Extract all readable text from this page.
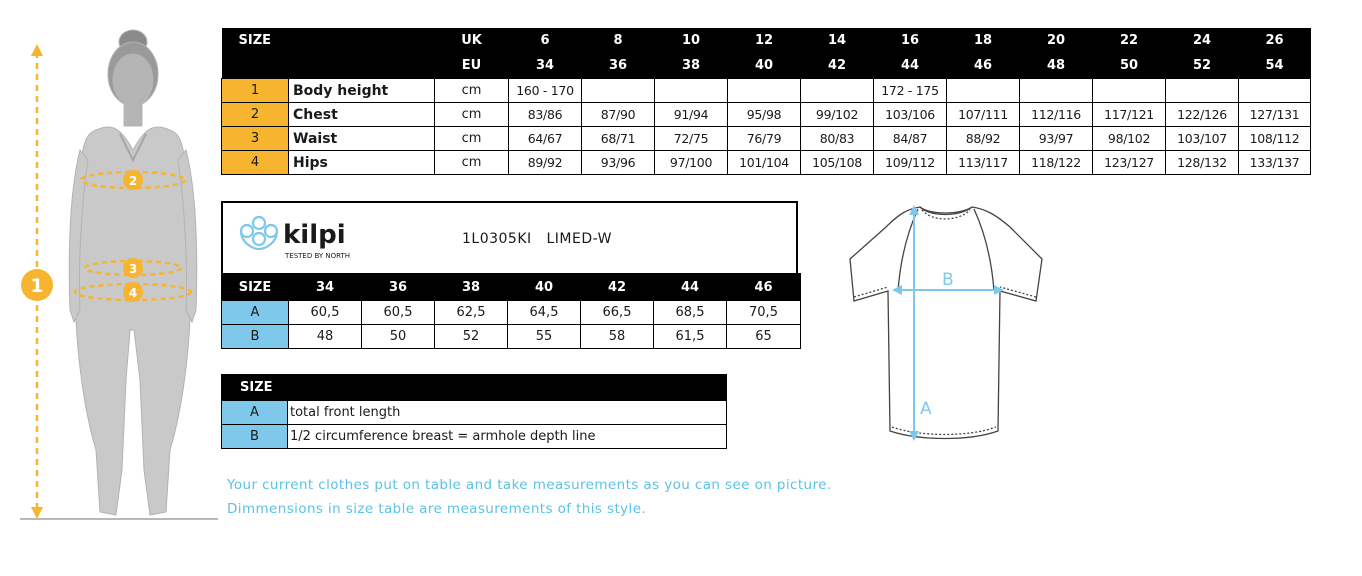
1
2
3
4
SIZE			UK	6	8	10	12	14	16	18	20	22	24	26
			EU	34	36	38	40	42	44	46	48	50	52	54
1	Body height		cm	160 - 170					172 - 175					
2	Chest		cm	83/86	87/90	91/94	95/98	99/102	103/106	107/111	112/116	117/121	122/126	127/131
3	Waist		cm	64/67	68/71	72/75	76/79	80/83	84/87	88/92	93/97	98/102	103/107	108/112
4	Hips		cm	89/92	93/96	97/100	101/104	105/108	109/112	113/117	118/122	123/127	128/132	133/137
kilpi
TESTED BY NORTH
1L0305KI   LIMED-W
SIZE	34	36	38	40	42	44	46
A	60,5	60,5	62,5	64,5	66,5	68,5	70,5
B	48	50	52	55	58	61,5	65
SIZE	
A	total front length
B	1/2 circumference breast = armhole depth line
Your current clothes put on table and take measurements as you can see on picture.
Dimmensions in size table are measurements of this style.
A
B
